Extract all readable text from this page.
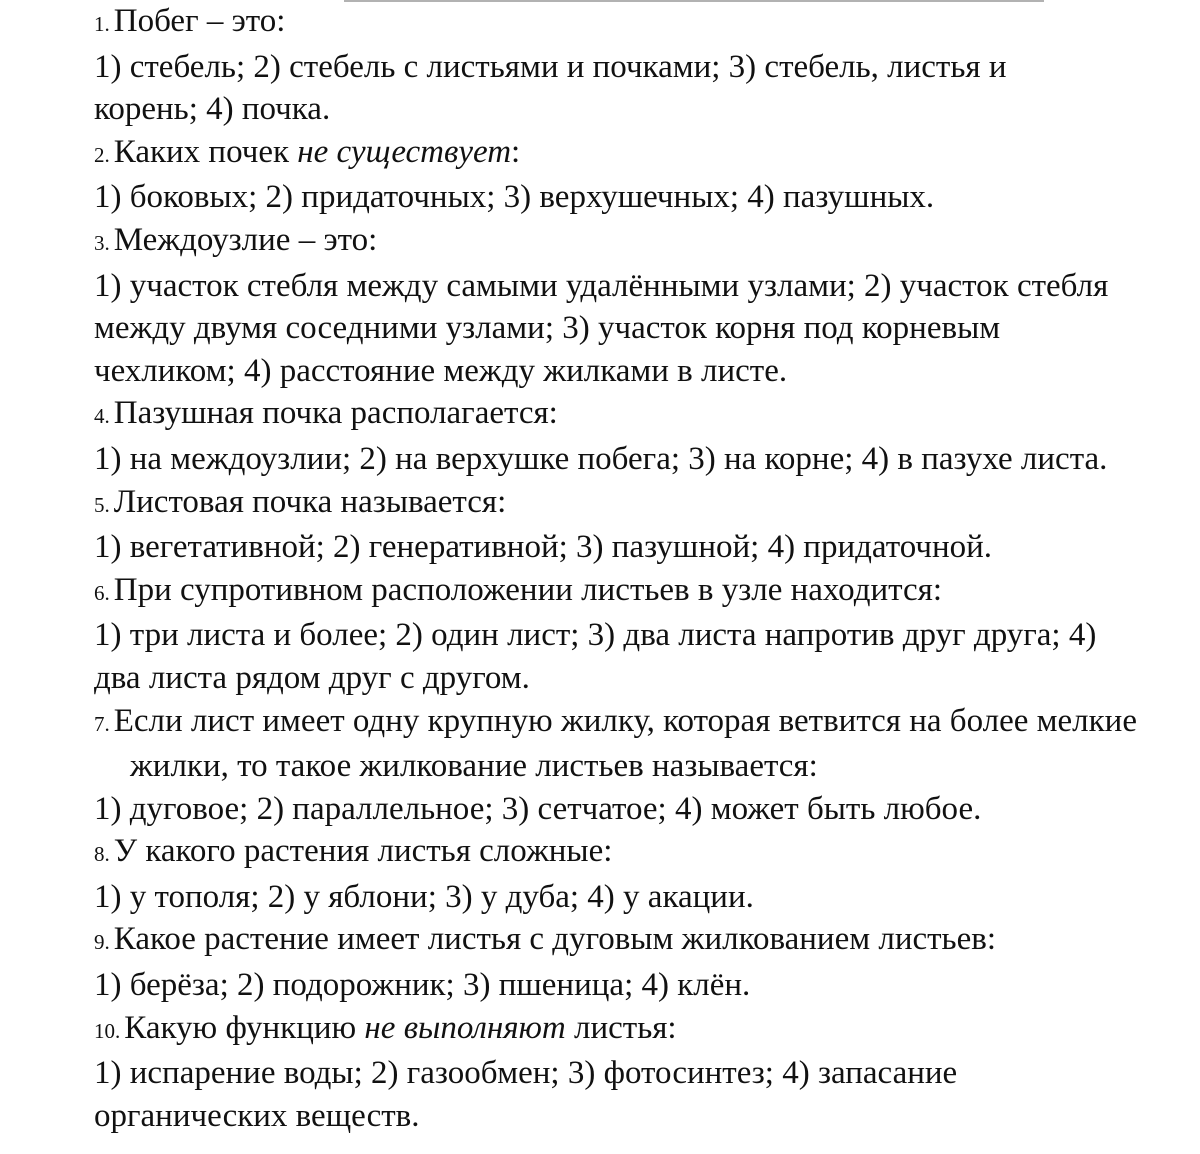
1. Побег – это:

1) стебель; 2) стебель с листьями и почками; 3) стебель, листья и корень; 4) почка.

2. Каких почек не существует:

1) боковых; 2) придаточных; 3) верхушечных; 4) пазушных.

3. Междоузлие – это:

1) участок стебля между самыми удалёнными узлами; 2) участок стебля между двумя соседними узлами; 3) участок корня под корневым чехликом; 4) расстояние между жилками в листе.

4. Пазушная почка располагается:

1) на междоузлии; 2) на верхушке побега; 3) на корне; 4) в пазухе листа.

5. Листовая почка называется:

1) вегетативной; 2) генеративной; 3) пазушной; 4) придаточной.

6. При супротивном расположении листьев в узле находится:

1) три листа и более; 2) один лист; 3) два листа напротив друг друга; 4) два листа рядом друг с другом.

7. Если лист имеет одну крупную жилку, которая ветвится на более мелкие жилки, то такое жилкование листьев называется:

1) дуговое; 2) параллельное; 3) сетчатое; 4) может быть любое.

8. У какого растения листья сложные:

1) у тополя; 2) у яблони; 3) у дуба; 4) у акации.

9. Какое растение имеет листья с дуговым жилкованием листьев:

1) берёза; 2) подорожник; 3) пшеница; 4) клён.

10. Какую функцию не выполняют листья:

1) испарение воды; 2) газообмен; 3) фотосинтез; 4) запасание органических веществ.
